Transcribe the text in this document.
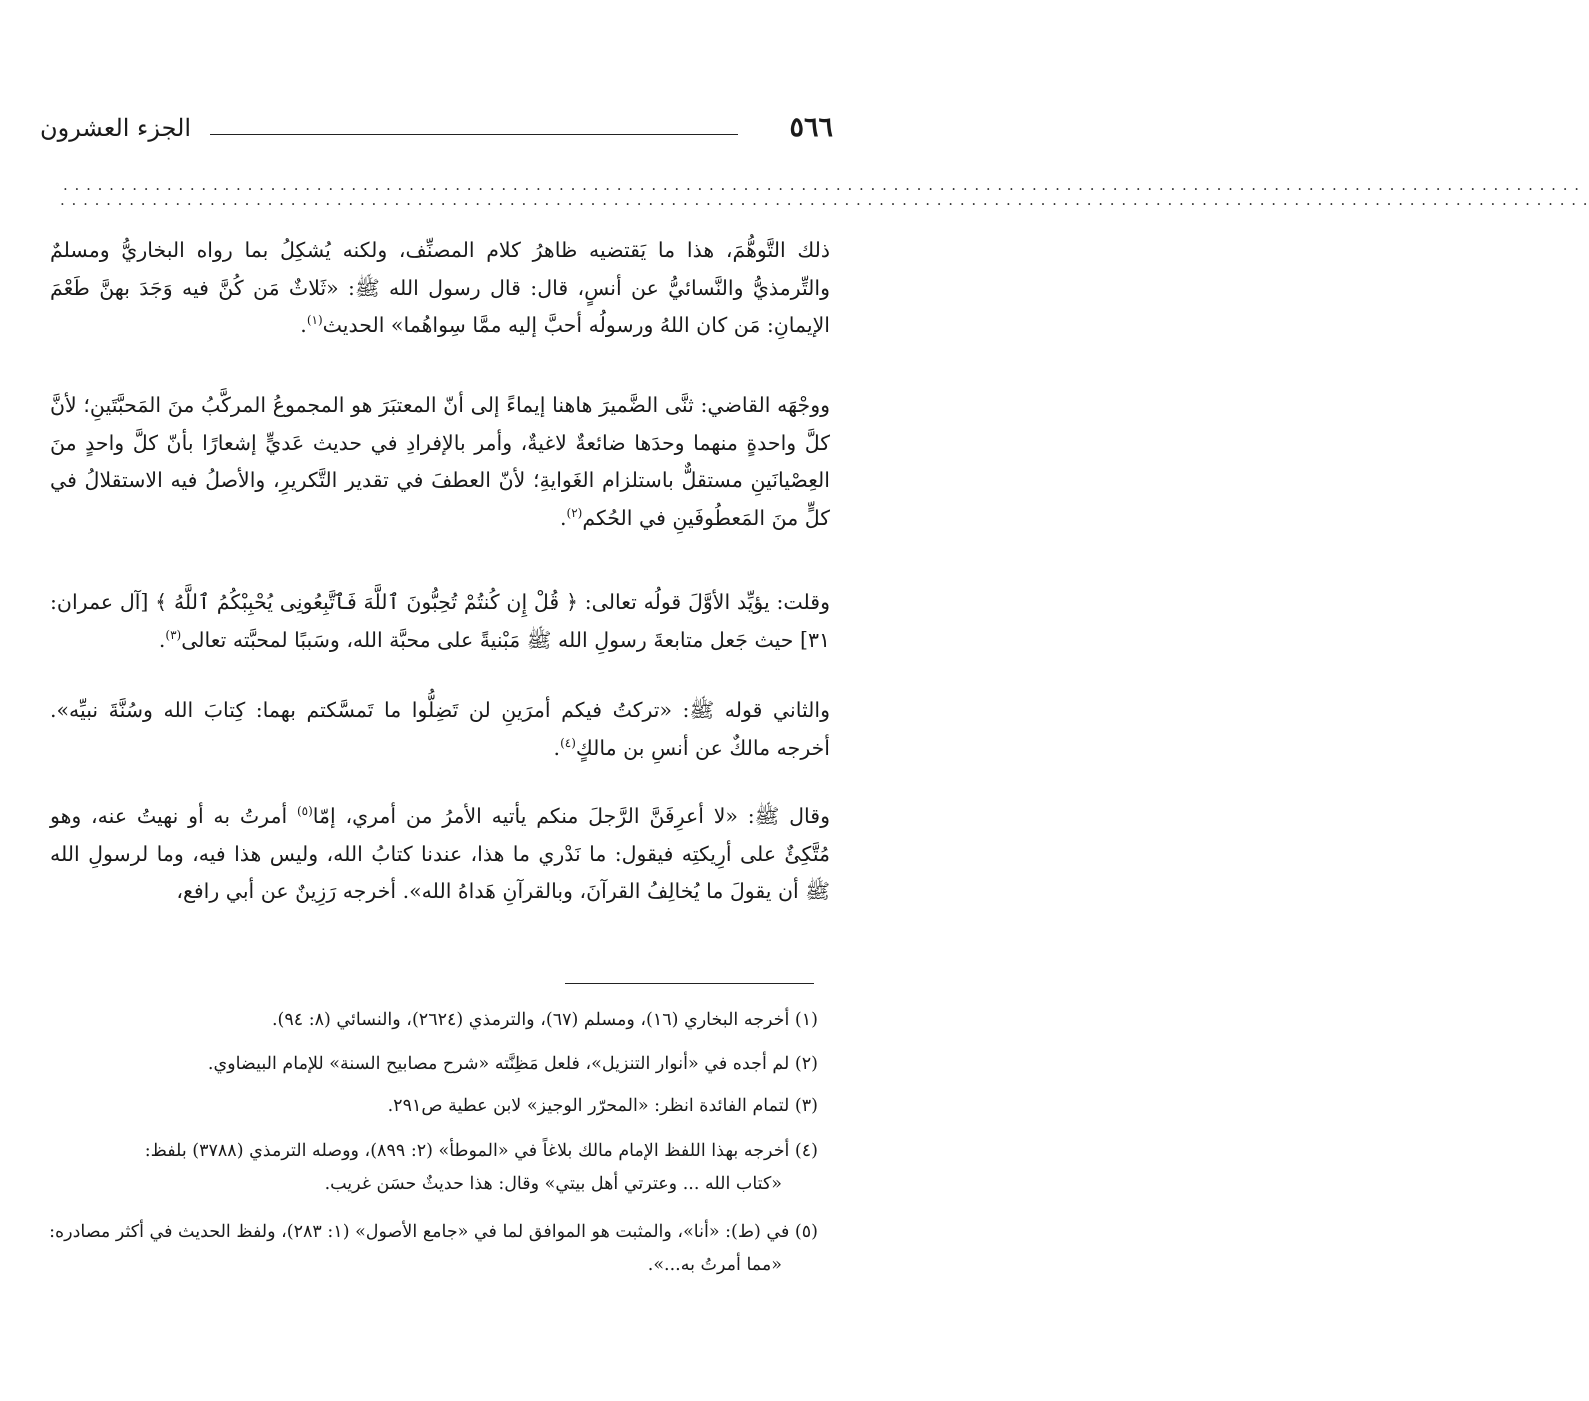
٥٦٦
الجزء العشرون
. . . . . . . . . . . . . . . . . . . . . . . . . . . . . . . . . . . . . . . . . . . . . . . . . . . . . . . . . . . . . . . . . . . . . . . . . . . . . . . . . . . . . . . . . . . . . . . . . . . . . . . . . . . . . . . . . . . . . . . . . . . . . . . . . . . .
. . . . . . . . . . . . . . . . . . . . . . . . . . . . . . . . . . . . . . . . . . . . . . . . . . . . . . . . . . . . . . . . . . . . . . . . . . . . . . . . . . . . . . . . . . . . . . . . . . . . . . . . . . . . . . . . . . . . . . . . . . . . . . . . . . . . .

ذلك التَّوهُّمَ، هذا ما يَقتضيه ظاهرُ كلام المصنِّف، ولكنه يُشكِلُ بما رواه البخاريُّ ومسلمٌ والتِّرمذيُّ والنَّسائيُّ عن أنسٍ، قال: قال رسول الله ﷺ: «ثَلاثٌ مَن كُنَّ فيه وَجَدَ بهنَّ طَعْمَ الإيمانِ: مَن كان اللهُ ورسولُه أحبَّ إليه ممَّا سِواهُما» الحديث$^{(١)}$.

ووجْهَه القاضي: ثنَّى الضَّميرَ هاهنا إيماءً إلى أنّ المعتبَرَ هو المجموعُ المركَّبُ منَ المَحبَّتَينِ؛ لأنَّ كلَّ واحدةٍ منهما وحدَها ضائعةٌ لاغيةٌ، وأمر بالإفرادِ في حديث عَديٍّ إشعارًا بأنّ كلَّ واحدٍ منَ العِصْيانَينِ مستقلٌّ باستلزام الغَوايةِ؛ لأنّ العطفَ في تقدير التَّكريرِ، والأصلُ فيه الاستقلالُ في كلٍّ منَ المَعطُوفَينِ في الحُكم$^{(٢)}$.

وقلت: يؤيِّد الأوَّلَ قولُه تعالى: ﴿ قُلْ إِن كُنتُمْ تُحِبُّونَ ٱللَّهَ فَٱتَّبِعُونِى يُحْبِبْكُمُ ٱللَّهُ ﴾ [آل عمران: ٣١] حيث جَعل متابعةَ رسولِ الله ﷺ مَبْنيةً على محبَّة الله، وسَببًا لمحبَّته تعالى$^{(٣)}$.

والثاني قوله ﷺ: «تركتُ فيكم أمرَينِ لن تَضِلُّوا ما تَمسَّكتم بهما: كِتابَ الله وسُنَّةَ نبيِّه». أخرجه مالكٌ عن أنسِ بن مالكٍ$^{(٤)}$.

وقال ﷺ: «لا أعرِفَنَّ الرَّجلَ منكم يأتيه الأمرُ من أمري، إمّا$^{(٥)}$ أمرتُ به أو نهيتُ عنه، وهو مُتَّكِئٌ على أرِيكتِه فيقول: ما نَدْري ما هذا، عندنا كتابُ الله، وليس هذا فيه، وما لرسولِ الله ﷺ أن يقولَ ما يُخالِفُ القرآنَ، وبالقرآنِ هَداهُ الله». أخرجه رَزِينٌ عن أبي رافع،

(١) أخرجه البخاري (١٦)، ومسلم (٦٧)، والترمذي (٢٦٢٤)، والنسائي (٨: ٩٤).
(٢) لم أجده في «أنوار التنزيل»، فلعل مَظِنَّته «شرح مصابيح السنة» للإمام البيضاوي.
(٣) لتمام الفائدة انظر: «المحرّر الوجيز» لابن عطية ص٢٩١.
(٤) أخرجه بهذا اللفظ الإمام مالك بلاغاً في «الموطأ» (٢: ٨٩٩)، ووصله الترمذي (٣٧٨٨) بلفظ:
«كتاب الله ... وعترتي أهل بيتي» وقال: هذا حديثٌ حسَن غريب.
(٥) في (ط): «أنا»، والمثبت هو الموافق لما في «جامع الأصول» (١: ٢٨٣)، ولفظ الحديث في أكثر مصادره:
«مما أمرتُ به...».
